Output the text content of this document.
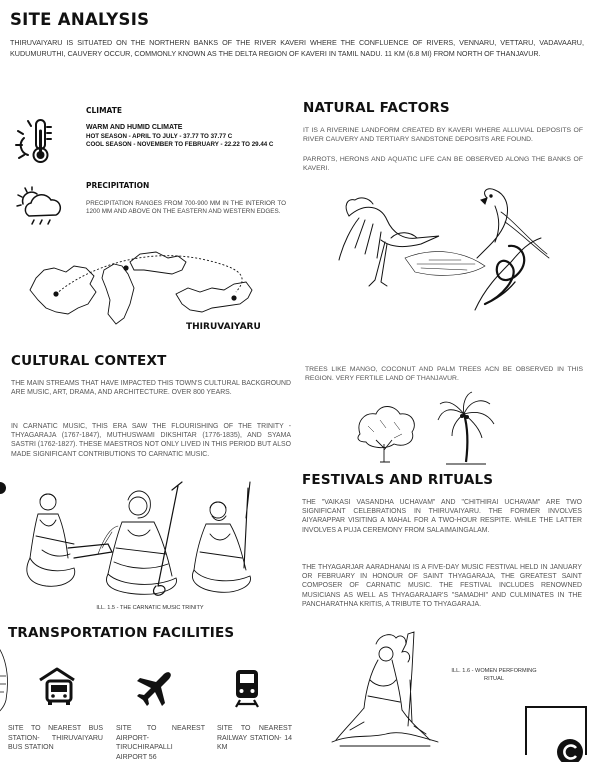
SITE ANALYSIS
THIRUVAIYARU IS SITUATED ON THE NORTHERN BANKS OF THE RIVER KAVERI WHERE THE CONFLUENCE OF RIVERS, VENNARU, VETTARU, VADAVAARU, KUDUMURUTHI, CAUVERY OCCUR, COMMONLY KNOWN AS THE DELTA REGION OF KAVERI IN TAMIL NADU. 11 KM (6.8 MI) FROM NORTH OF THANJAVUR.
CLIMATE
WARM AND HUMID CLIMATE
HOT SEASON - APRIL TO JULY - 37.77 TO 37.77 C
COOL SEASON - NOVEMBER TO FEBRUARY - 22.22 TO 29.44 C
PRECIPITATION
PRECIPITATION RANGES FROM 700-900 MM IN THE INTERIOR TO 1200 MM AND ABOVE ON THE EASTERN AND WESTERN EDGES.
THIRUVAIYARU
NATURAL FACTORS
IT IS A RIVERINE LANDFORM CREATED BY KAVERI WHERE ALLUVIAL DEPOSITS OF RIVER CAUVERY AND TERTIARY SANDSTONE DEPOSITS ARE FOUND.
PARROTS, HERONS AND AQUATIC LIFE CAN BE OBSERVED ALONG THE BANKS OF KAVERI.
TREES LIKE MANGO, COCONUT AND PALM TREES ACN BE OBSERVED IN THIS REGION. VERY FERTILE LAND OF THANJAVUR.
CULTURAL CONTEXT
THE MAIN STREAMS THAT HAVE IMPACTED THIS TOWN'S CULTURAL BACKGROUND ARE MUSIC, ART, DRAMA, AND ARCHITECTURE. OVER 800 YEARS.
IN CARNATIC MUSIC, THIS ERA SAW THE FLOURISHING OF THE TRINITY - THYAGARAJA (1767-1847), MUTHUSWAMI DIKSHITAR (1776-1835), AND SYAMA SASTRI (1762-1827). THESE MAESTROS NOT ONLY LIVED IN THIS PERIOD BUT ALSO MADE SIGNIFICANT CONTRIBUTIONS TO CARNATIC MUSIC.
ILL. 1.5 - THE CARNATIC MUSIC TRINITY
FESTIVALS AND RITUALS
THE "VAIKASI VASANDHA UCHAVAM" AND "CHITHIRAI UCHAVAM" ARE TWO SIGNIFICANT CELEBRATIONS IN THIRUVAIYARU. THE FORMER INVOLVES AIYARAPPAR VISITING A MAHAL FOR A TWO-HOUR RESPITE. WHILE THE LATTER INVOLVES A PUJA CEREMONY FROM SALAIMAINGALAM.
THE THYAGARJAR AARADHANAI IS A FIVE-DAY MUSIC FESTIVAL HELD IN JANUARY OR FEBRUARY IN HONOUR OF SAINT THYAGARAJA, THE GREATEST SAINT COMPOSER OF CARNATIC MUSIC. THE FESTIVAL INCLUDES RENOWNED MUSICIANS AS WELL AS THYAGARAJAR'S "SAMADHI" AND CULMINATES IN THE PANCHARATHNA KRITIS, A TRIBUTE TO THYAGARAJA.
ILL. 1.6 - WOMEN PERFORMING RITUAL
TRANSPORTATION FACILITIES
SITE TO NEAREST BUS STATION- THIRUVAIYARU BUS STATION
SITE TO NEAREST AIRPORT- TIRUCHIRAPALLI AIRPORT 56
SITE TO NEAREST RAILWAY STATION- 14 KM
